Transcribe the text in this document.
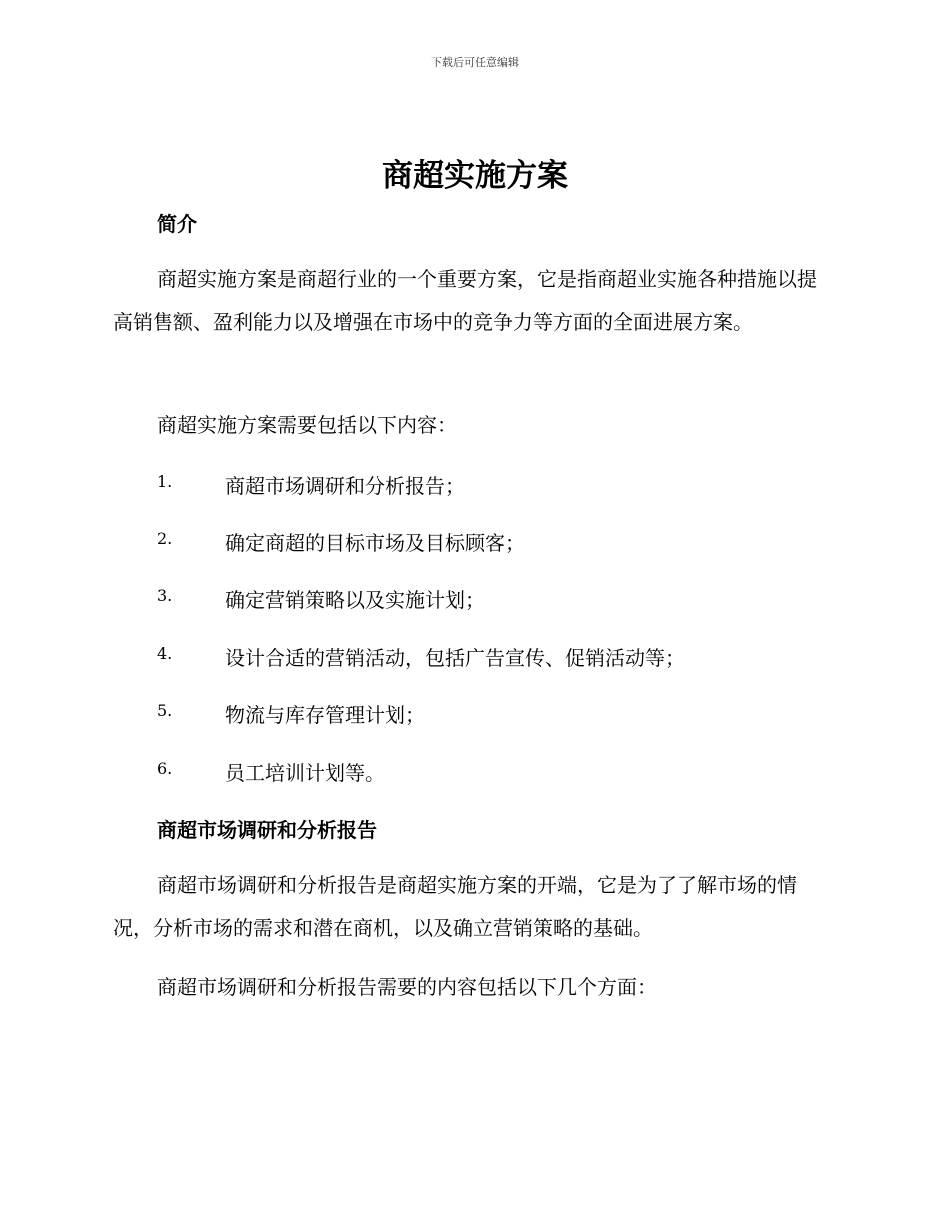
下载后可任意编辑
商超实施方案
简介

商超实施方案是商超行业的一个重要方案，它是指商超业实施各种措施以提高销售额、盈利能力以及增强在市场中的竞争力等方面的全面进展方案。

商超实施方案需要包括以下内容：

1.	商超市场调研和分析报告；
2.	确定商超的目标市场及目标顾客；
3.	确定营销策略以及实施计划；
4.	设计合适的营销活动，包括广告宣传、促销活动等；
5.	物流与库存管理计划；
6.	员工培训计划等。
商超市场调研和分析报告

商超市场调研和分析报告是商超实施方案的开端，它是为了了解市场的情况，分析市场的需求和潜在商机，以及确立营销策略的基础。

商超市场调研和分析报告需要的内容包括以下几个方面：
